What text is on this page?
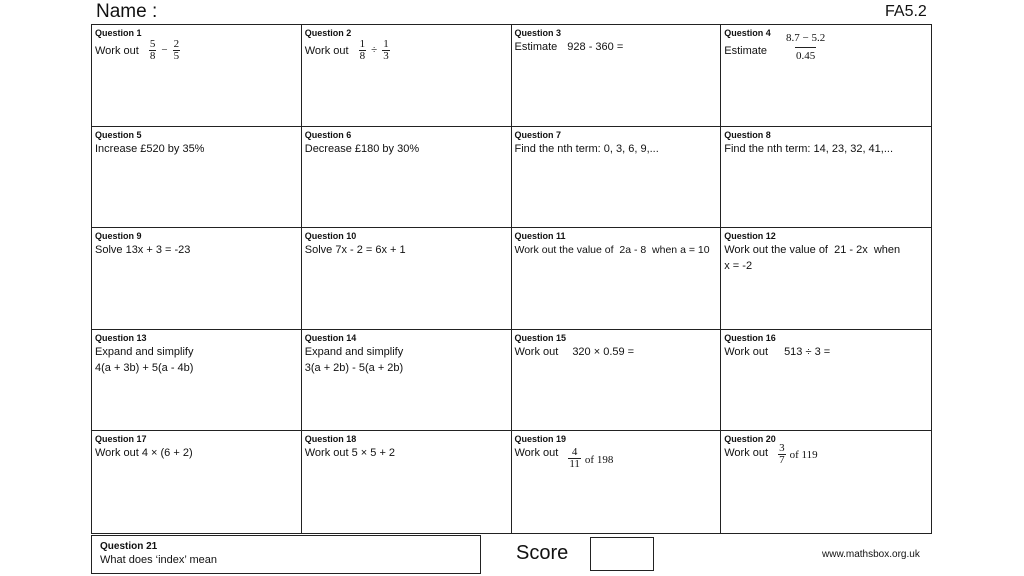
Name :	FA5.2
Question 1
Work out $\frac{5}{8} - \frac{2}{5}$
Question 2
Work out $\frac{1}{8} \div \frac{1}{3}$
Question 3
Estimate 928 - 360 =
Question 4
Estimate $\frac{8.7 - 5.2}{0.45}$
Question 5
Increase £520 by 35%
Question 6
Decrease £180 by 30%
Question 7
Find the nth term: 0, 3, 6, 9,...
Question 8
Find the nth term: 14, 23, 32, 41,...
Question 9
Solve 13x + 3 = -23
Question 10
Solve 7x - 2 = 6x + 1
Question 11
Work out the value of  2a - 8  when a = 10
Question 12
Work out the value of  21 - 2x  when
x = -2
Question 13
Expand and simplify
4(a + 3b) + 5(a - 4b)
Question 14
Expand and simplify
3(a + 2b) - 5(a + 2b)
Question 15
Work out 320 × 0.59 =
Question 16
Work out 513 ÷ 3 =
Question 17
Work out 4 × (6 + 2)
Question 18
Work out 5 × 5 + 2
Question 19
Work out $\frac{4}{11}$ of 198
Question 20
Work out $\frac{3}{7}$ of 119
Question 21
What does ‘index’ mean	Score	www.mathsbox.org.uk
